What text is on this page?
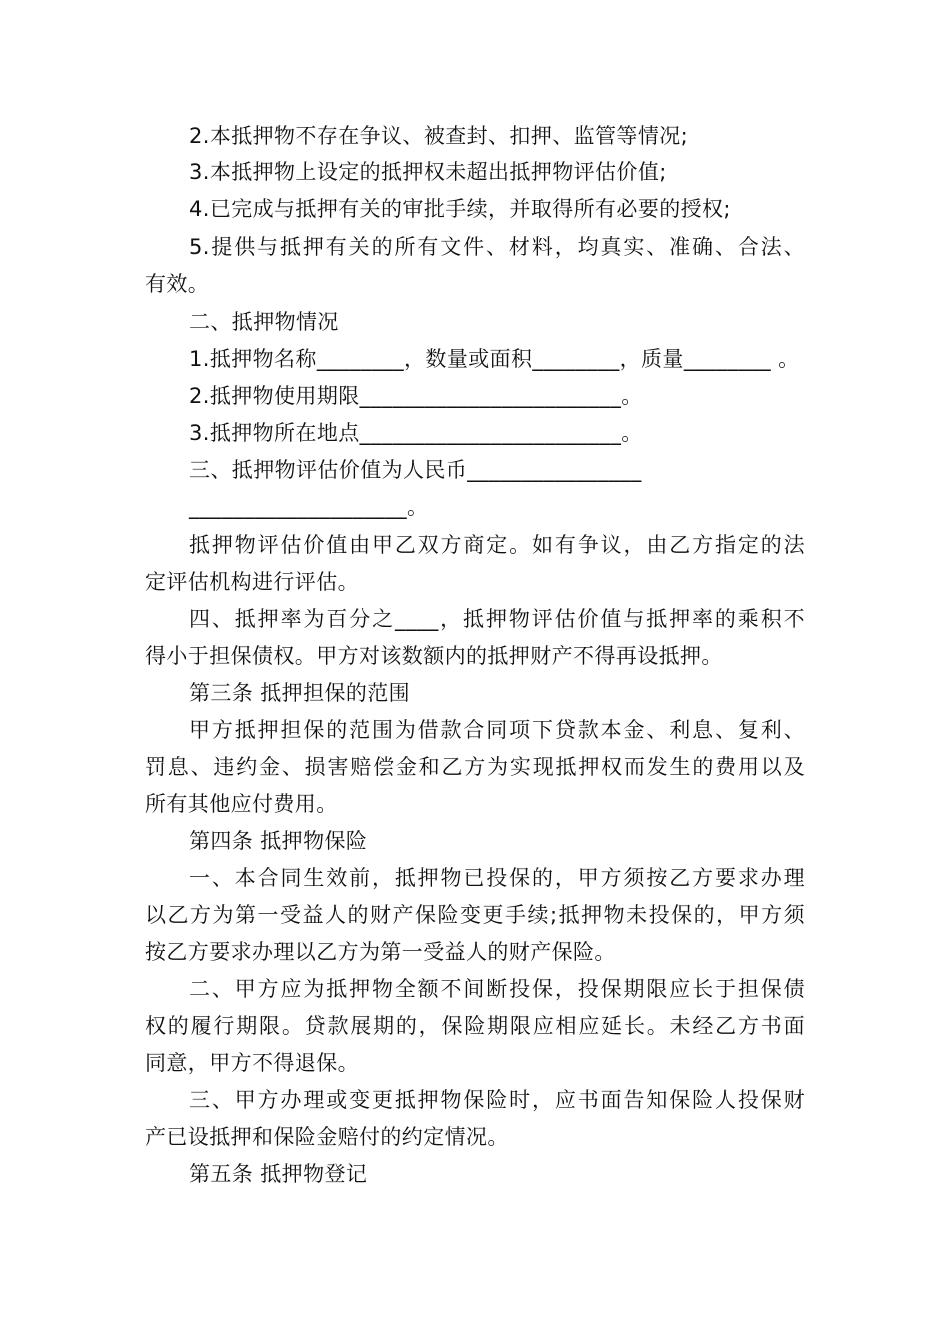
2.本抵押物不存在争议、被查封、扣押、监管等情况;
3.本抵押物上设定的抵押权未超出抵押物评估价值;
4.已完成与抵押有关的审批手续，并取得所有必要的授权;
5.提供与抵押有关的所有文件、材料，均真实、准确、合法、
有效。
二、抵押物情况
1.抵押物名称________，数量或面积________，质量________ 。
2.抵押物使用期限________________________。
3.抵押物所在地点________________________。
三、抵押物评估价值为人民币________________
____________________。
抵押物评估价值由甲乙双方商定。如有争议，由乙方指定的法
定评估机构进行评估。
四、抵押率为百分之____，抵押物评估价值与抵押率的乘积不
得小于担保债权。甲方对该数额内的抵押财产不得再设抵押。
第三条 抵押担保的范围
甲方抵押担保的范围为借款合同项下贷款本金、利息、复利、
罚息、违约金、损害赔偿金和乙方为实现抵押权而发生的费用以及
所有其他应付费用。
第四条 抵押物保险
一、本合同生效前，抵押物已投保的，甲方须按乙方要求办理
以乙方为第一受益人的财产保险变更手续;抵押物未投保的，甲方须
按乙方要求办理以乙方为第一受益人的财产保险。
二、甲方应为抵押物全额不间断投保，投保期限应长于担保债
权的履行期限。贷款展期的，保险期限应相应延长。未经乙方书面
同意，甲方不得退保。
三、甲方办理或变更抵押物保险时，应书面告知保险人投保财
产已设抵押和保险金赔付的约定情况。
第五条 抵押物登记
